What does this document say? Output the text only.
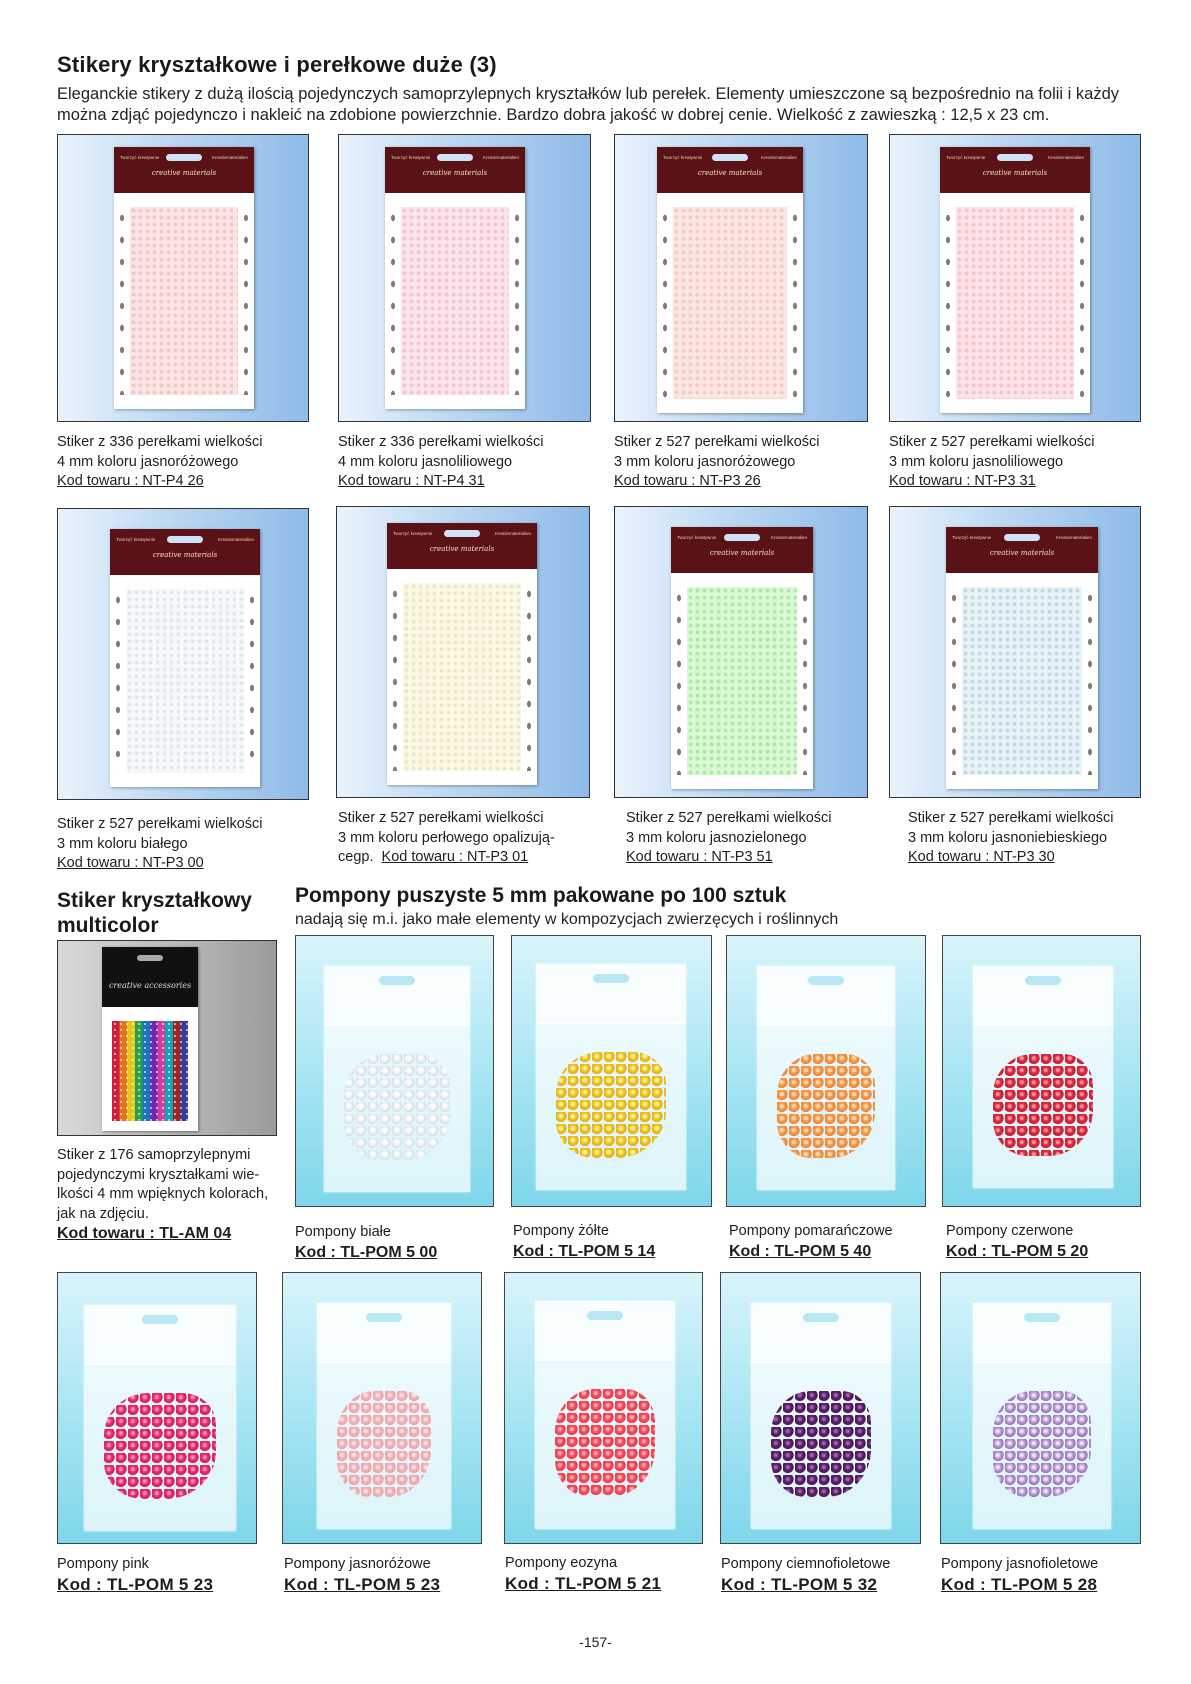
Stikery kryształkowe i perełkowe duże (3)
Eleganckie stikery z dużą ilością pojedynczych samoprzylepnych kryształków lub perełek. Elementy umieszczone są bezpośrednio na folii i każdy
można zdjąć pojedynczo i nakleić na zdobione powierzchnie. Bardzo dobra jakość w dobrej cenie. Wielkość z zawieszką : 12,5 x 23 cm.
Tworzyć kreatywnie	Kreativmaterialien
creative materials
Tworzyć kreatywnie	Kreativmaterialien
creative materials
Tworzyć kreatywnie	Kreativmaterialien
creative materials
Tworzyć kreatywnie	Kreativmaterialien
creative materials
Stiker z 336 perełkami wielkości
4 mm koloru jasnoróżowego
Kod towaru : NT-P4 26
Stiker z 336 perełkami wielkości
4 mm koloru jasnoliliowego
Kod towaru : NT-P4 31
Stiker z 527 perełkami wielkości
3 mm koloru jasnoróżowego
Kod towaru : NT-P3 26
Stiker z 527 perełkami wielkości
3 mm koloru jasnoliliowego
Kod towaru : NT-P3 31
Tworzyć kreatywnie	Kreativmaterialien
creative materials
Tworzyć kreatywnie	Kreativmaterialien
creative materials
Tworzyć kreatywnie	Kreativmaterialien
creative materials
Tworzyć kreatywnie	Kreativmaterialien
creative materials
Stiker z 527 perełkami wielkości
3 mm koloru białego
Kod towaru : NT-P3 00
Stiker z 527 perełkami wielkości
3 mm koloru perłowego opalizują-
cegp. Kod towaru : NT-P3 01
Stiker z 527 perełkami wielkości
3 mm koloru jasnozielonego
Kod towaru : NT-P3 51
Stiker z 527 perełkami wielkości
3 mm koloru jasnoniebieskiego
Kod towaru : NT-P3 30
Stiker kryształkowy
multicolor
creative accessories
Stiker z 176 samoprzylepnymi
pojedynczymi kryształkami wie-
lkości 4 mm wpięknych kolorach,
jak na zdjęciu.
Kod towaru : TL-AM 04
Pompony puszyste 5 mm pakowane po 100 sztuk
nadają się m.i. jako małe elementy w kompozycjach zwierzęcych i roślinnych
Pompony białe
Kod : TL-POM 5 00
Pompony żółte
Kod : TL-POM 5 14
Pompony pomarańczowe
Kod : TL-POM 5 40
Pompony czerwone
Kod : TL-POM 5 20
Pompony pink
Kod : TL-POM 5 23
Pompony jasnoróżowe
Kod : TL-POM 5 23
Pompony eozyna
Kod : TL-POM 5 21
Pompony ciemnofioletowe
Kod : TL-POM 5 32
Pompony jasnofioletowe
Kod : TL-POM 5 28
-157-
